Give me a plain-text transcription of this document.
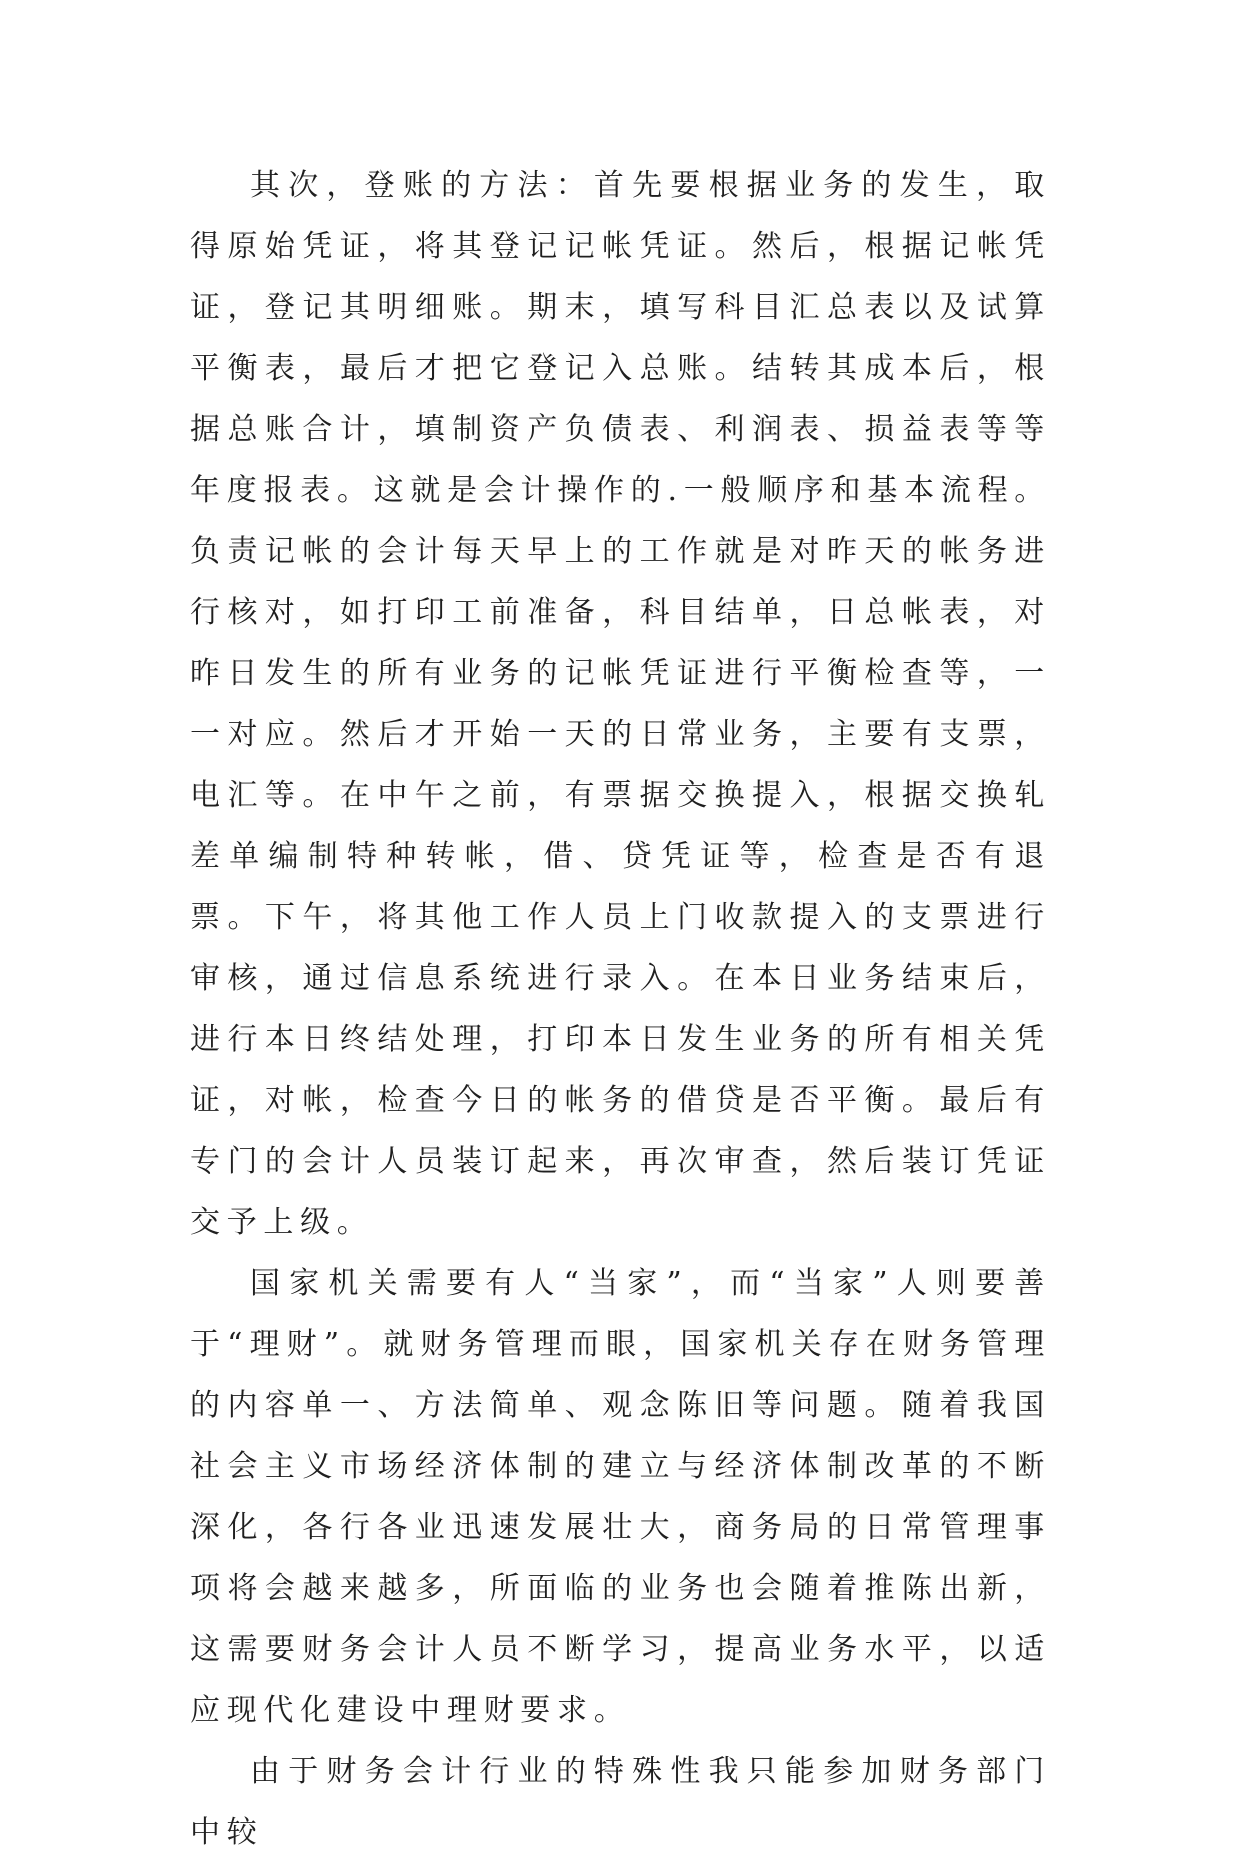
其次，登账的方法：首先要根据业务的发生，取得原始凭证，将其登记记帐凭证。然后，根据记帐凭证，登记其明细账。期末，填写科目汇总表以及试算平衡表，最后才把它登记入总账。结转其成本后，根据总账合计，填制资产负债表、利润表、损益表等等年度报表。这就是会计操作的.一般顺序和基本流程。负责记帐的会计每天早上的工作就是对昨天的帐务进行核对，如打印工前准备，科目结单，日总帐表，对昨日发生的所有业务的记帐凭证进行平衡检查等，一一对应。然后才开始一天的日常业务，主要有支票，电汇等。在中午之前，有票据交换提入，根据交换轧差单编制特种转帐，借、贷凭证等，检查是否有退票。下午，将其他工作人员上门收款提入的支票进行审核，通过信息系统进行录入。在本日业务结束后，进行本日终结处理，打印本日发生业务的所有相关凭证，对帐，检查今日的帐务的借贷是否平衡。最后有专门的会计人员装订起来，再次审查，然后装订凭证交予上级。

国家机关需要有人“当家”，而“当家”人则要善于“理财”。就财务管理而眼，国家机关存在财务管理的内容单一、方法简单、观念陈旧等问题。随着我国社会主义市场经济体制的建立与经济体制改革的不断深化，各行各业迅速发展壮大，商务局的日常管理事项将会越来越多，所面临的业务也会随着推陈出新，这需要财务会计人员不断学习，提高业务水平，以适应现代化建设中理财要求。

由于财务会计行业的特殊性我只能参加财务部门中较
